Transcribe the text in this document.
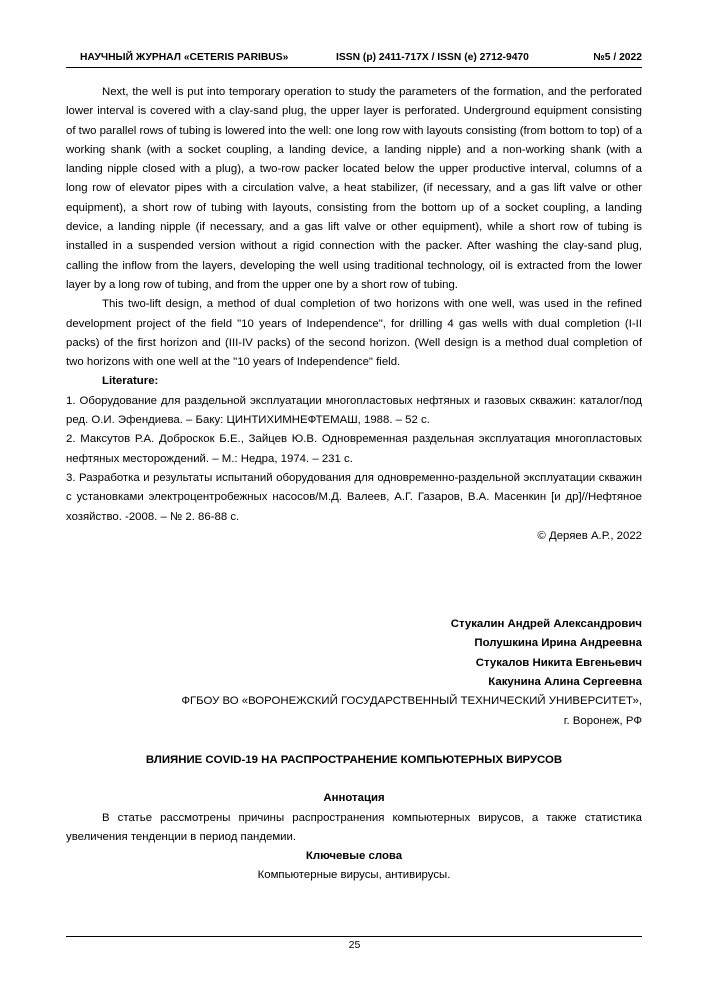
НАУЧНЫЙ ЖУРНАЛ «CETERIS PARIBUS»	ISSN (p) 2411-717X / ISSN (e) 2712-9470	№5 / 2022

Next, the well is put into temporary operation to study the parameters of the formation, and the perforated lower interval is covered with a clay-sand plug, the upper layer is perforated. Underground equipment consisting of two parallel rows of tubing is lowered into the well: one long row with layouts consisting (from bottom to top) of a working shank (with a socket coupling, a landing device, a landing nipple) and a non-working shank (with a landing nipple closed with a plug), a two-row packer located below the upper productive interval, columns of a long row of elevator pipes with a circulation valve, a heat stabilizer, (if necessary, and a gas lift valve or other equipment), a short row of tubing with layouts, consisting from the bottom up of a socket coupling, a landing device, a landing nipple (if necessary, and a gas lift valve or other equipment), while a short row of tubing is installed in a suspended version without a rigid connection with the packer. After washing the clay-sand plug, calling the inflow from the layers, developing the well using traditional technology, oil is extracted from the lower layer by a long row of tubing, and from the upper one by a short row of tubing.

This two-lift design, a method of dual completion of two horizons with one well, was used in the refined development project of the field "10 years of Independence", for drilling 4 gas wells with dual completion (I-II packs) of the first horizon and (III-IV packs) of the second horizon. (Well design is a method dual completion of two horizons with one well at the "10 years of Independence" field.

Literature:

1. Оборудование для раздельной эксплуатации многопластовых нефтяных и газовых скважин: каталог/под ред. О.И. Эфендиева. – Баку: ЦИНТИХИМНЕФТЕМАШ, 1988. – 52 с.

2. Максутов Р.А. Доброскок Б.Е., Зайцев Ю.В. Одновременная раздельная эксплуатация многопластовых нефтяных месторождений. – М.: Недра, 1974. – 231 с.

3. Разработка и результаты испытаний оборудования для одновременно-раздельной эксплуатации скважин с установками электроцентробежных насосов/М.Д. Валеев, А.Г. Газаров, В.А. Масенкин [и др]//Нефтяное хозяйство. -2008. – № 2. 86-88 с.

© Деряев А.Р., 2022

Стукалин Андрей Александрович
Полушкина Ирина Андреевна
Стукалов Никита Евгеньевич
Какунина Алина Сергеевна

ФГБОУ ВО «ВОРОНЕЖСКИЙ ГОСУДАРСТВЕННЫЙ ТЕХНИЧЕСКИЙ УНИВЕРСИТЕТ»,

г. Воронеж, РФ

ВЛИЯНИЕ COVID-19 НА РАСПРОСТРАНЕНИЕ КОМПЬЮТЕРНЫХ ВИРУСОВ

Аннотация

В статье рассмотрены причины распространения компьютерных вирусов, а также статистика увеличения тенденции в период пандемии.

Ключевые слова

Компьютерные вирусы, антивирусы.

25
